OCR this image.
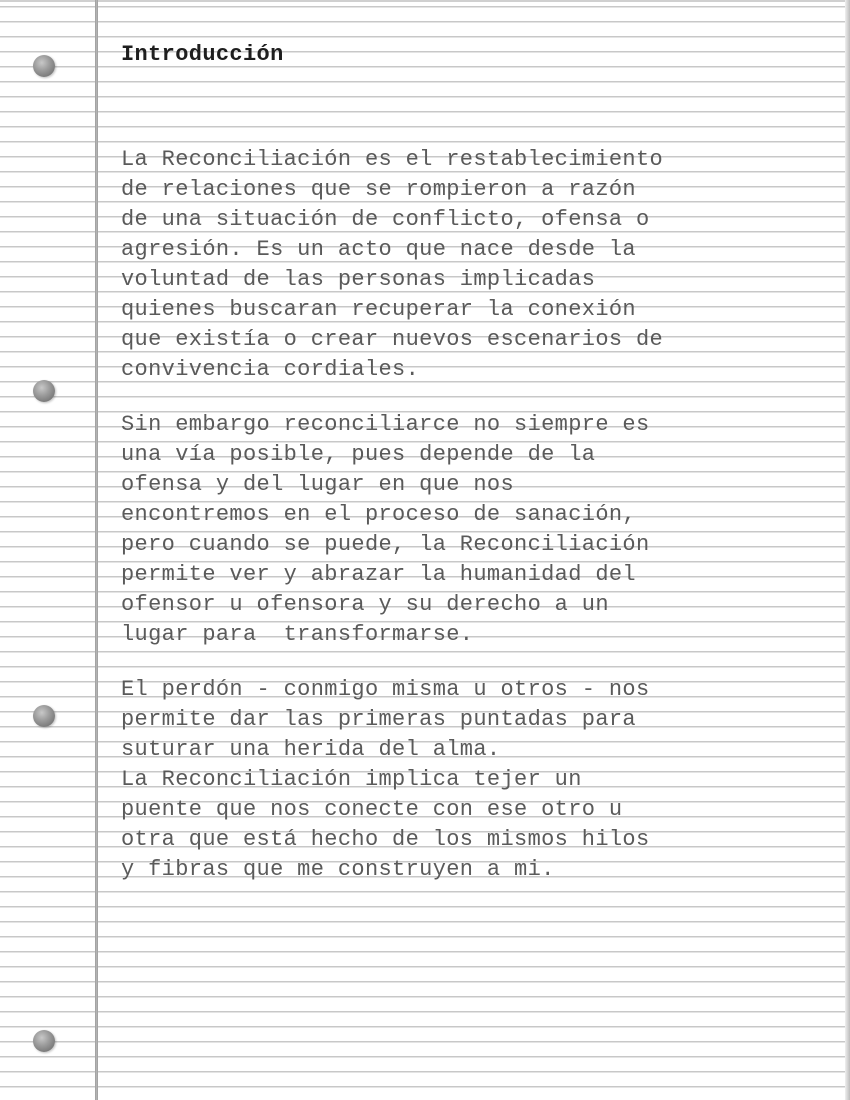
Introducción

La Reconciliación es el restablecimiento
de relaciones que se rompieron a razón
de una situación de conflicto, ofensa o
agresión. Es un acto que nace desde la
voluntad de las personas implicadas
quienes buscaran recuperar la conexión
que existía o crear nuevos escenarios de
convivencia cordiales.

Sin embargo reconciliarce no siempre es
una vía posible, pues depende de la
ofensa y del lugar en que nos
encontremos en el proceso de sanación,
pero cuando se puede, la Reconciliación
permite ver y abrazar la humanidad del
ofensor u ofensora y su derecho a un
lugar para  transformarse.

El perdón - conmigo misma u otros - nos
permite dar las primeras puntadas para
suturar una herida del alma.
La Reconciliación implica tejer un
puente que nos conecte con ese otro u
otra que está hecho de los mismos hilos
y fibras que me construyen a mi.
